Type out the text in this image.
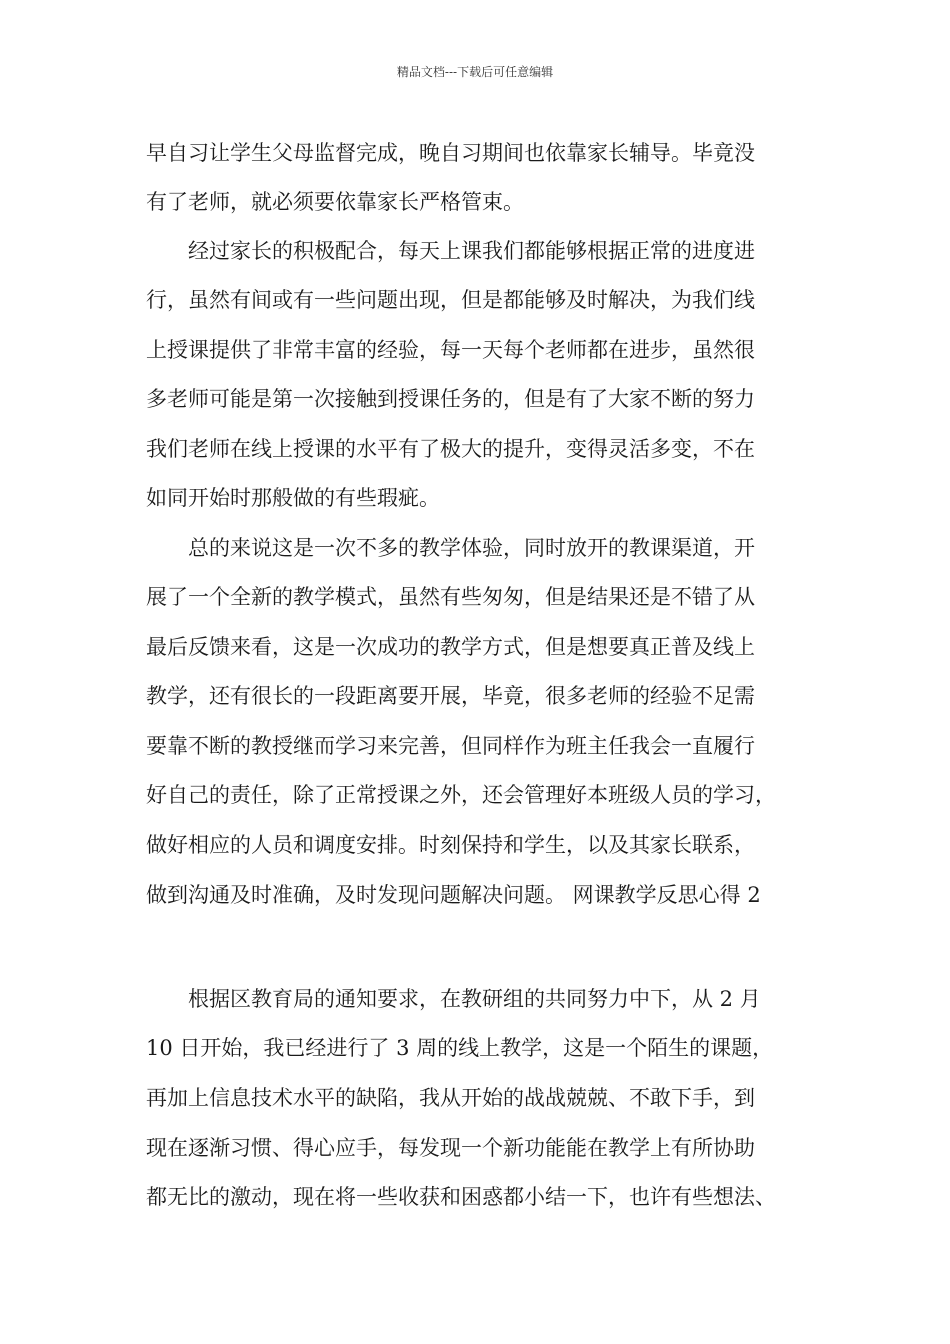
精品文档---下载后可任意编辑
早自习让学生父母监督完成，晚自习期间也依靠家长辅导。毕竟没
有了老师，就必须要依靠家长严格管束。
　　经过家长的积极配合，每天上课我们都能够根据正常的进度进
行，虽然有间或有一些问题出现，但是都能够及时解决，为我们线
上授课提供了非常丰富的经验，每一天每个老师都在进步，虽然很
多老师可能是第一次接触到授课任务的，但是有了大家不断的努力
我们老师在线上授课的水平有了极大的提升，变得灵活多变，不在
如同开始时那般做的有些瑕疵。
　　总的来说这是一次不多的教学体验，同时放开的教课渠道，开
展了一个全新的教学模式，虽然有些匆匆，但是结果还是不错了从
最后反馈来看，这是一次成功的教学方式，但是想要真正普及线上
教学，还有很长的一段距离要开展，毕竟，很多老师的经验不足需
要靠不断的教授继而学习来完善，但同样作为班主任我会一直履行
好自己的责任，除了正常授课之外，还会管理好本班级人员的学习，
做好相应的人员和调度安排。时刻保持和学生，以及其家长联系，
做到沟通及时准确，及时发现问题解决问题。 网课教学反思心得 2
　　根据区教育局的通知要求，在教研组的共同努力中下，从 2 月
10 日开始，我已经进行了 3 周的线上教学，这是一个陌生的课题，
再加上信息技术水平的缺陷，我从开始的战战兢兢、不敢下手，到
现在逐渐习惯、得心应手，每发现一个新功能能在教学上有所协助
都无比的激动，现在将一些收获和困惑都小结一下，也许有些想法、
